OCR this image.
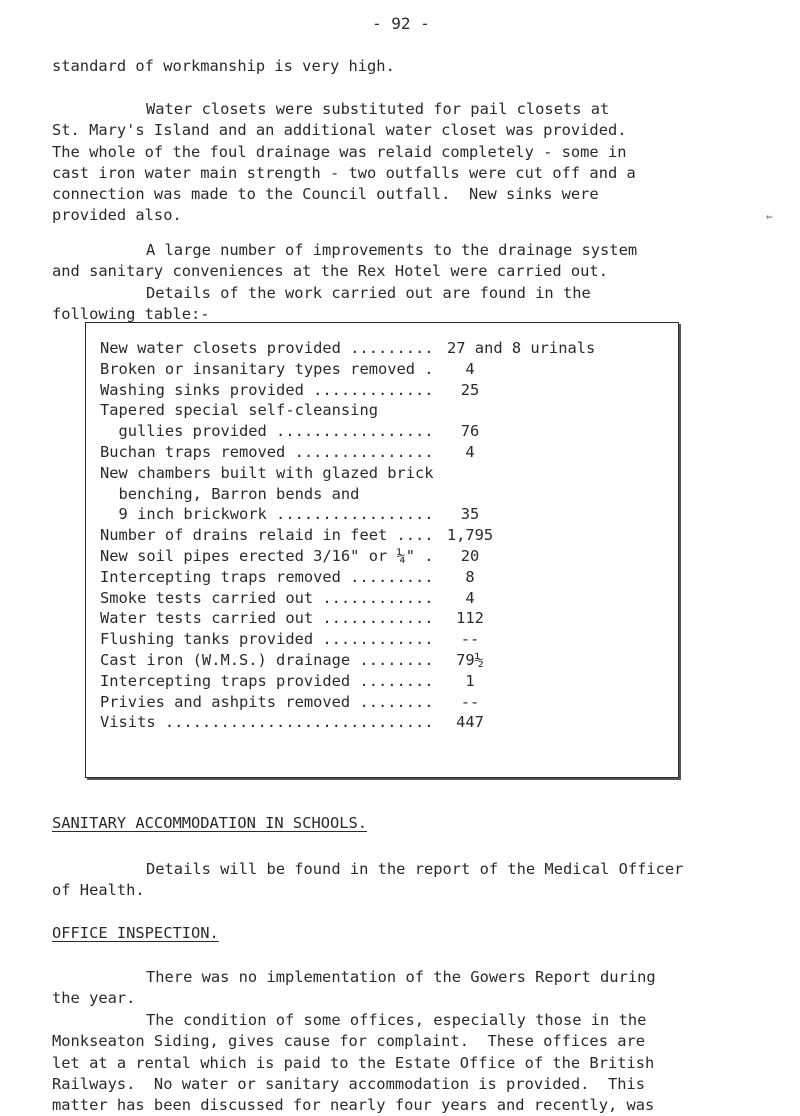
- 92 -
standard of workmanship is very high.
Water closets were substituted for pail closets at
St. Mary's Island and an additional water closet was provided.
The whole of the foul drainage was relaid completely - some in
cast iron water main strength - two outfalls were cut off and a
connection was made to the Council outfall.  New sinks were
provided also.	⇐
A large number of improvements to the drainage system
and sanitary conveniences at the Rex Hotel were carried out.
Details of the work carried out are found in the
following table:-
New water closets provided ......... 27 and 8 urinals
Broken or insanitary types removed .	4
Washing sinks provided .............	25
Tapered special self-cleansing
gullies provided .................	76
Buchan traps removed ...............	4
New chambers built with glazed brick
benching, Barron bends and
9 inch brickwork .................	35
Number of drains relaid in feet .... 1,795
New soil pipes erected 3/16" or ¼" .	20
Intercepting traps removed .........	8
Smoke tests carried out ............	4
Water tests carried out ............	112
Flushing tanks provided ............	--
Cast iron (W.M.S.) drainage ........	79½
Intercepting traps provided ........	1
Privies and ashpits removed ........	--
Visits .............................	447
SANITARY ACCOMMODATION IN SCHOOLS.
Details will be found in the report of the Medical Officer
of Health.
OFFICE INSPECTION.
There was no implementation of the Gowers Report during
the year.
The condition of some offices, especially those in the
Monkseaton Siding, gives cause for complaint.  These offices are
let at a rental which is paid to the Estate Office of the British
Railways.  No water or sanitary accommodation is provided.  This
matter has been discussed for nearly four years and recently, was
